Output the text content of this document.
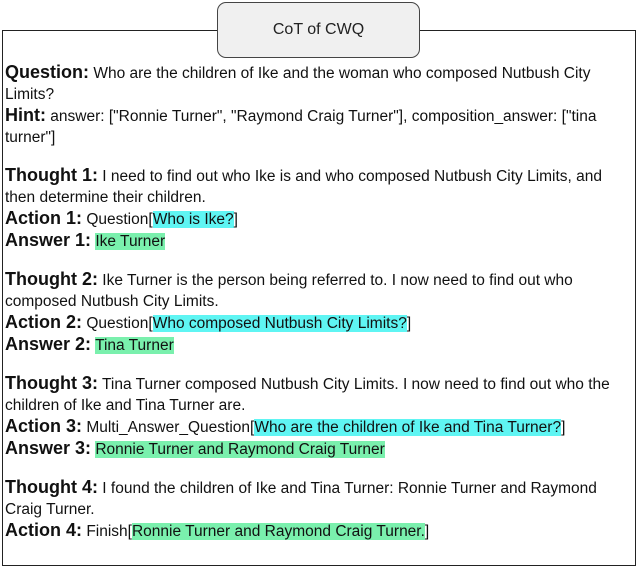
CoT of CWQ
Question: Who are the children of Ike and the woman who composed Nutbush City Limits?
Hint: answer: ["Ronnie Turner", "Raymond Craig Turner"], composition_answer: ["tina turner"]
Thought 1: I need to find out who Ike is and who composed Nutbush City Limits, and then determine their children.
Action 1: Question[Who is Ike?]
Answer 1: Ike Turner
Thought 2: Ike Turner is the person being referred to. I now need to find out who composed Nutbush City Limits.
Action 2: Question[Who composed Nutbush City Limits?]
Answer 2: Tina Turner
Thought 3: Tina Turner composed Nutbush City Limits. I now need to find out who the children of Ike and Tina Turner are.
Action 3: Multi_Answer_Question[Who are the children of Ike and Tina Turner?]
Answer 3: Ronnie Turner and Raymond Craig Turner
Thought 4: I found the children of Ike and Tina Turner: Ronnie Turner and Raymond Craig Turner.
Action 4: Finish[Ronnie Turner and Raymond Craig Turner.]
